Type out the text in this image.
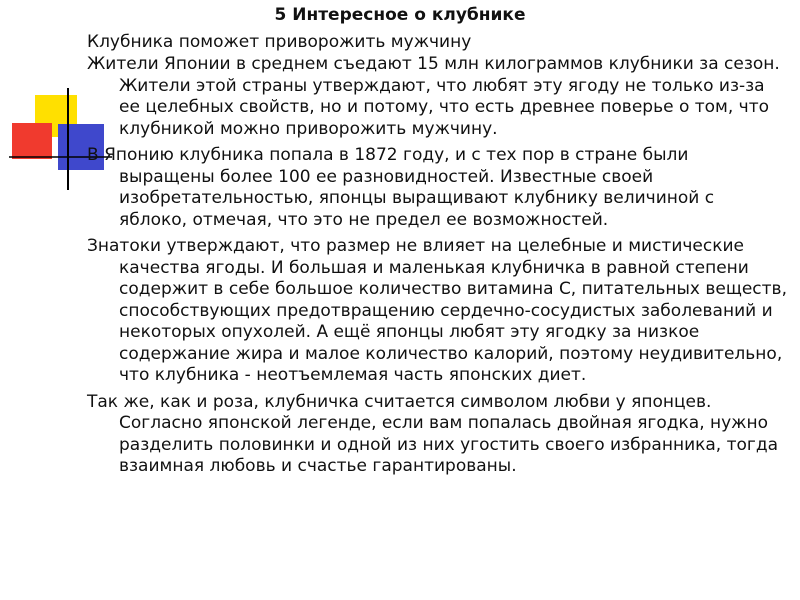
5 Интересное о клубнике
Клубника поможет приворожить мужчину

Жители Японии в среднем съедают 15 млн килограммов клубники за сезон. Жители этой страны утверждают, что любят эту ягоду не только из-за ее целебных свойств, но и потому, что есть древнее поверье о том, что клубникой можно приворожить мужчину.

В Японию клубника попала в 1872 году, и с тех пор в стране были выращены более 100 ее разновидностей. Известные своей изобретательностью, японцы выращивают клубнику величиной с яблоко, отмечая, что это не предел ее возможностей.

Знатоки утверждают, что размер не влияет на целебные и мистические качества ягоды. И большая и маленькая клубничка в равной степени содержит в себе большое количество витамина С, питательных веществ, способствующих предотвращению сердечно-сосудистых заболеваний и некоторых опухолей. А ещё японцы любят эту ягодку за низкое содержание жира и малое количество калорий, поэтому неудивительно, что клубника - неотъемлемая часть японских диет.

Так же, как и роза, клубничка считается символом любви у японцев. Согласно японской легенде, если вам попалась двойная ягодка, нужно разделить половинки и одной из них угостить своего избранника, тогда взаимная любовь и счастье гарантированы.
